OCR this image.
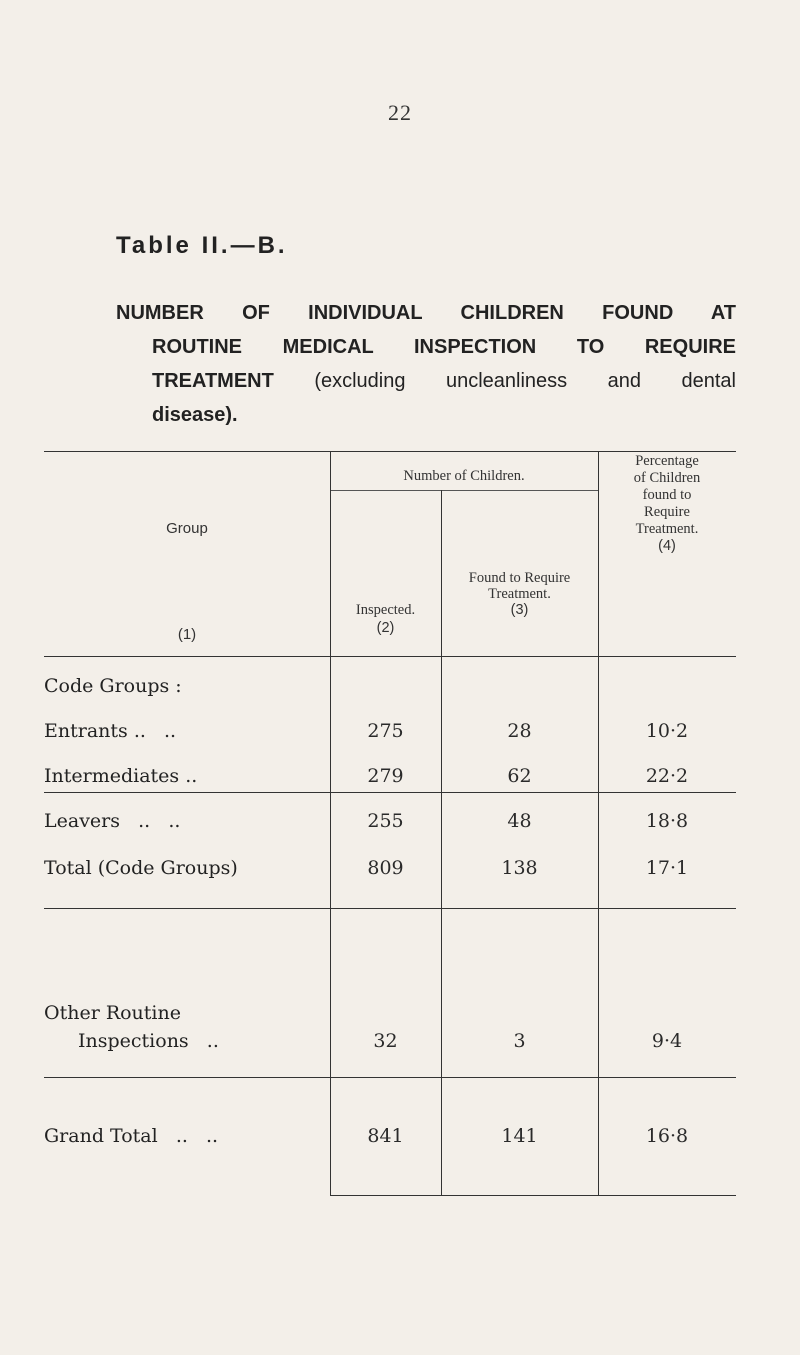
22
Table II.—B.
NUMBER OF INDIVIDUAL CHILDREN FOUND AT
ROUTINE MEDICAL INSPECTION TO REQUIRE
TREATMENT (excluding uncleanliness and dental
disease).
Group
(1)
Number of Children.
Inspected.
(2)
Found to Require
Treatment.
(3)
Percentage
of Children
found to
Require
Treatment.
(4)
Code Groups :
Entrants ..   ..	275	28	10·2
Intermediates ..	279	62	22·2
Leavers   ..   ..	255	48	18·8
Total (Code Groups)	809	138	17·1
Other Routine
Inspections   ..	32	3	9·4
Grand Total   ..   ..	841	141	16·8
